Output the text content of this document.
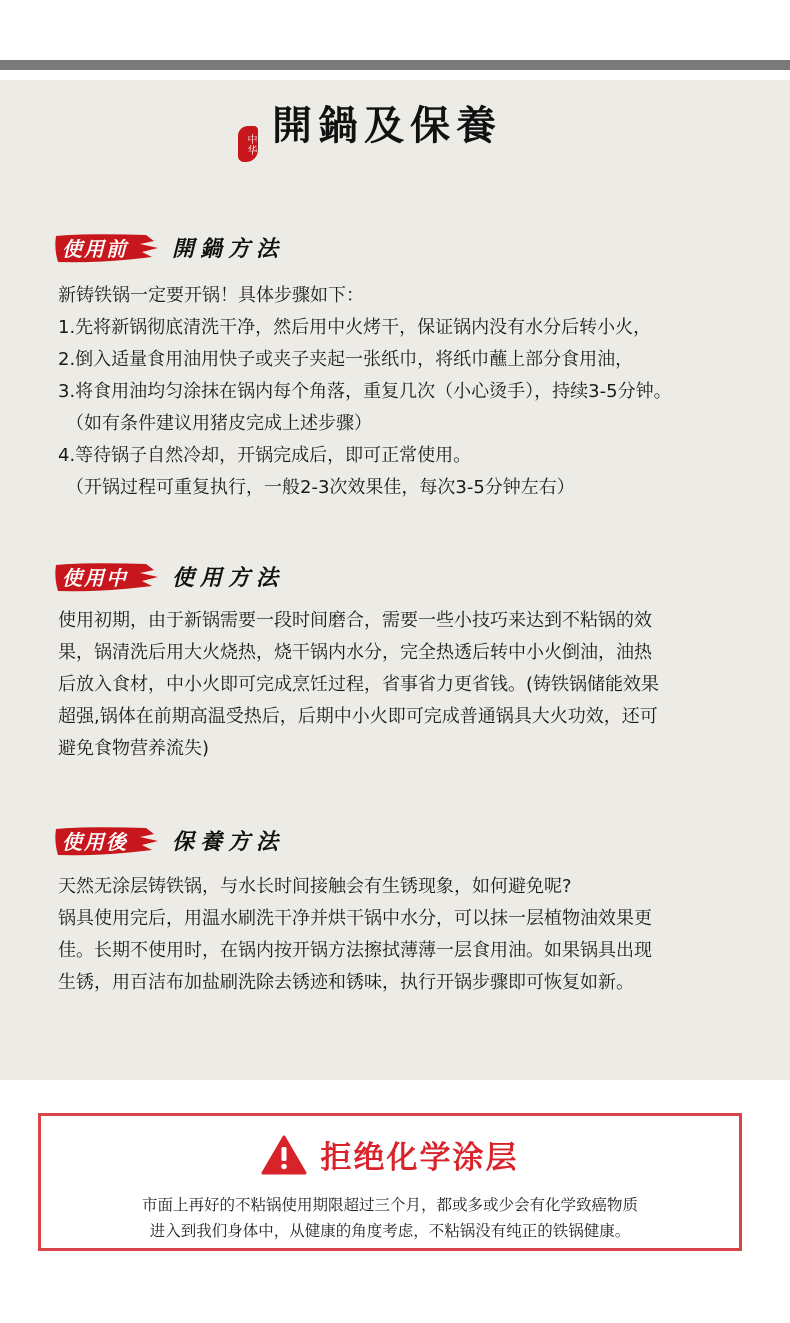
中华 開鍋及保養
使用前 開鍋方法

新铸铁锅一定要开锅！具体步骤如下：

1.先将新锅彻底清洗干净，然后用中火烤干，保证锅内没有水分后转小火，

2.倒入适量食用油用快子或夹子夹起一张纸巾，将纸巾蘸上部分食用油，

3.将食用油均匀涂抹在锅内每个角落，重复几次（小心烫手），持续3-5分钟。

（如有条件建议用猪皮完成上述步骤）

4.等待锅子自然冷却，开锅完成后，即可正常使用。

（开锅过程可重复执行，一般2-3次效果佳，每次3-5分钟左右）

使用中 使用方法

使用初期，由于新锅需要一段时间磨合，需要一些小技巧来达到不粘锅的效

果，锅清洗后用大火烧热，烧干锅内水分，完全热透后转中小火倒油，油热

后放入食材，中小火即可完成烹饪过程，省事省力更省钱。(铸铁锅储能效果

超强,锅体在前期高温受热后，后期中小火即可完成普通锅具大火功效，还可

避免食物营养流失)

使用後 保養方法

天然无涂层铸铁锅，与水长时间接触会有生锈现象，如何避免呢?

锅具使用完后，用温水刷洗干净并烘干锅中水分，可以抹一层植物油效果更

佳。长期不使用时，在锅内按开锅方法擦拭薄薄一层食用油。如果锅具出现

生锈，用百洁布加盐刷洗除去锈迹和锈味，执行开锅步骤即可恢复如新。

拒绝化学涂层

市面上再好的不粘锅使用期限超过三个月，都或多或少会有化学致癌物质

进入到我们身体中，从健康的角度考虑，不粘锅没有纯正的铁锅健康。
